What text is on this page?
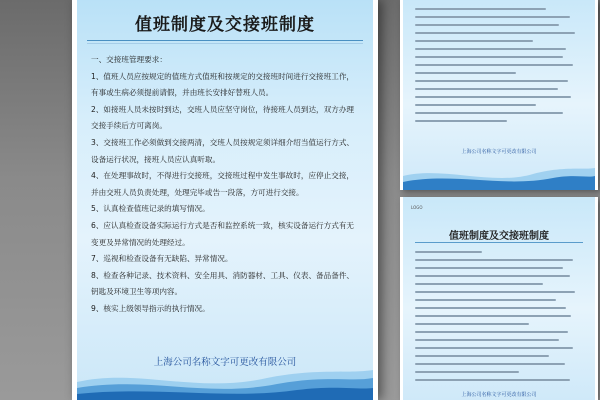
值班制度及交接班制度

一、交接班管理要求：

1、值班人员应按规定的值班方式值班和按规定的交接班时间进行交接班工作，有事或生病必须提前请假，并由班长安排好替班人员。

2、如接班人员未按时到达，交班人员应坚守岗位，待接班人员到达，双方办理交接手续后方可离岗。

3、交接班工作必须做到交接两清，交班人员按规定须详细介绍当值运行方式、设备运行状况，接班人员应认真听取。

4、在处理事故时，不得进行交接班，交接班过程中发生事故时，应停止交接，并由交班人员负责处理，处理完毕或告一段落，方可进行交接。

5、认真检查值班记录的填写情况。

6、应认真检查设备实际运行方式是否和监控系统一致，核实设备运行方式有无变更及异常情况的处理经过。

7、巡视和检查设备有无缺陷、异常情况。

8、检查各种记录、技术资料、安全用具、消防器材、工具、仪表、备品备件、钥匙及环境卫生等项内容。

9、核实上级领导指示的执行情况。

上海公司名称文字可更改有限公司
上海公司名称文字可更改有限公司
LOGO
值班制度及交接班制度
上海公司名称文字可更改有限公司
